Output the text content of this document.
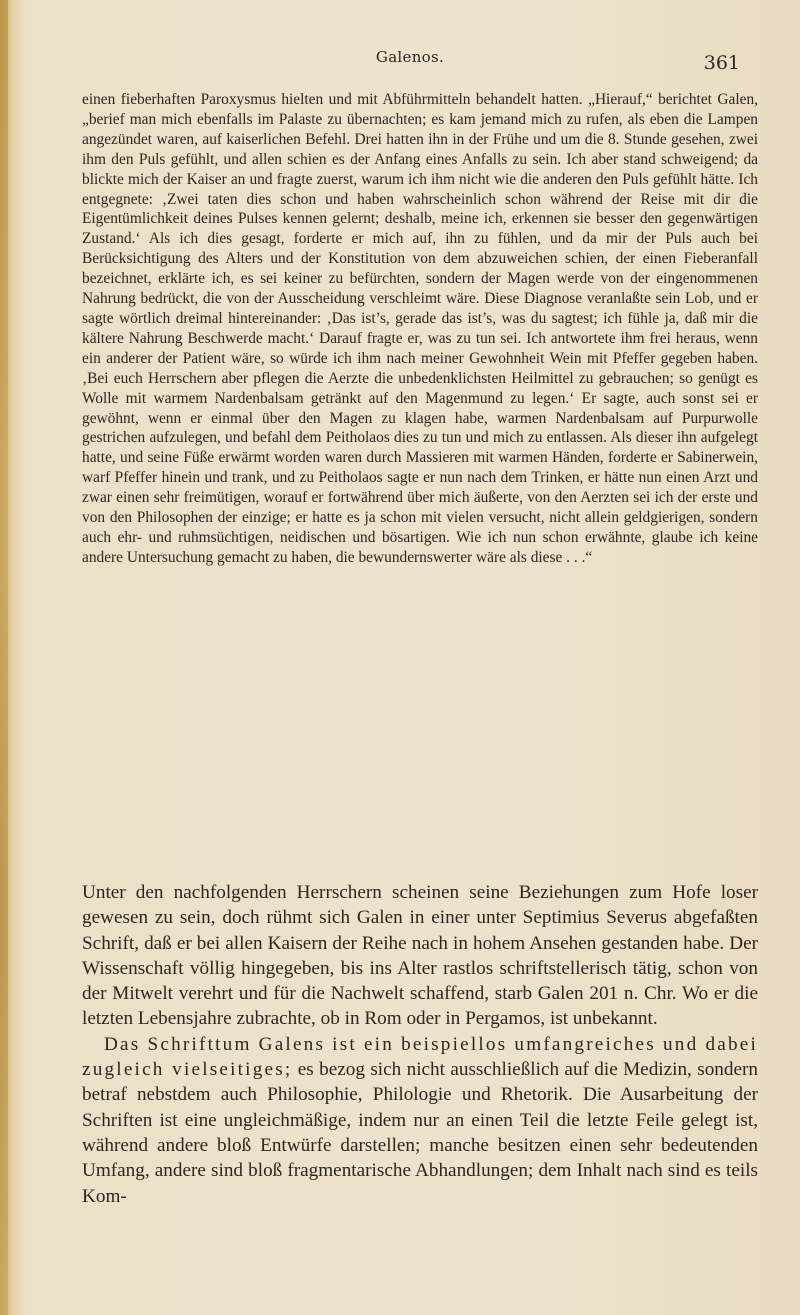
Galenos.	361

einen fieberhaften Paroxysmus hielten und mit Abführmitteln behandelt hatten. „Hierauf,“ berichtet Galen, „berief man mich ebenfalls im Palaste zu übernachten; es kam jemand mich zu rufen, als eben die Lampen angezündet waren, auf kaiserlichen Befehl. Drei hatten ihn in der Frühe und um die 8. Stunde gesehen, zwei ihm den Puls gefühlt, und allen schien es der Anfang eines Anfalls zu sein. Ich aber stand schweigend; da blickte mich der Kaiser an und fragte zuerst, warum ich ihm nicht wie die anderen den Puls gefühlt hätte. Ich entgegnete: ‚Zwei taten dies schon und haben wahrscheinlich schon während der Reise mit dir die Eigentümlichkeit deines Pulses kennen gelernt; deshalb, meine ich, erkennen sie besser den gegenwärtigen Zustand.‘ Als ich dies gesagt, forderte er mich auf, ihn zu fühlen, und da mir der Puls auch bei Berücksichtigung des Alters und der Konstitution von dem abzuweichen schien, der einen Fieberanfall bezeichnet, erklärte ich, es sei keiner zu befürchten, sondern der Magen werde von der eingenommenen Nahrung bedrückt, die von der Ausscheidung verschleimt wäre. Diese Diagnose veranlaßte sein Lob, und er sagte wörtlich dreimal hintereinander: ‚Das ist’s, gerade das ist’s, was du sagtest; ich fühle ja, daß mir die kältere Nahrung Beschwerde macht.‘ Darauf fragte er, was zu tun sei. Ich antwortete ihm frei heraus, wenn ein anderer der Patient wäre, so würde ich ihm nach meiner Gewohnheit Wein mit Pfeffer gegeben haben. ‚Bei euch Herrschern aber pflegen die Aerzte die unbedenklichsten Heilmittel zu gebrauchen; so genügt es Wolle mit warmem Nardenbalsam getränkt auf den Magenmund zu legen.‘ Er sagte, auch sonst sei er gewöhnt, wenn er einmal über den Magen zu klagen habe, warmen Nardenbalsam auf Purpurwolle gestrichen aufzulegen, und befahl dem Peitholaos dies zu tun und mich zu entlassen. Als dieser ihn aufgelegt hatte, und seine Füße erwärmt worden waren durch Massieren mit warmen Händen, forderte er Sabinerwein, warf Pfeffer hinein und trank, und zu Peitholaos sagte er nun nach dem Trinken, er hätte nun einen Arzt und zwar einen sehr freimütigen, worauf er fortwährend über mich äußerte, von den Aerzten sei ich der erste und von den Philosophen der einzige; er hatte es ja schon mit vielen versucht, nicht allein geldgierigen, sondern auch ehr- und ruhmsüchtigen, neidischen und bösartigen. Wie ich nun schon erwähnte, glaube ich keine andere Untersuchung gemacht zu haben, die bewundernswerter wäre als diese . . .“

Unter den nachfolgenden Herrschern scheinen seine Beziehungen zum Hofe loser gewesen zu sein, doch rühmt sich Galen in einer unter Septimius Severus abgefaßten Schrift, daß er bei allen Kaisern der Reihe nach in hohem Ansehen gestanden habe. Der Wissenschaft völlig hingegeben, bis ins Alter rastlos schriftstellerisch tätig, schon von der Mitwelt verehrt und für die Nachwelt schaffend, starb Galen 201 n. Chr. Wo er die letzten Lebensjahre zubrachte, ob in Rom oder in Pergamos, ist unbekannt.

Das Schrifttum Galens ist ein beispiellos umfangreiches und dabei zugleich vielseitiges; es bezog sich nicht ausschließlich auf die Medizin, sondern betraf nebstdem auch Philosophie, Philologie und Rhetorik. Die Ausarbeitung der Schriften ist eine ungleichmäßige, indem nur an einen Teil die letzte Feile gelegt ist, während andere bloß Entwürfe darstellen; manche besitzen einen sehr bedeutenden Umfang, andere sind bloß fragmentarische Abhandlungen; dem Inhalt nach sind es teils Kom-
